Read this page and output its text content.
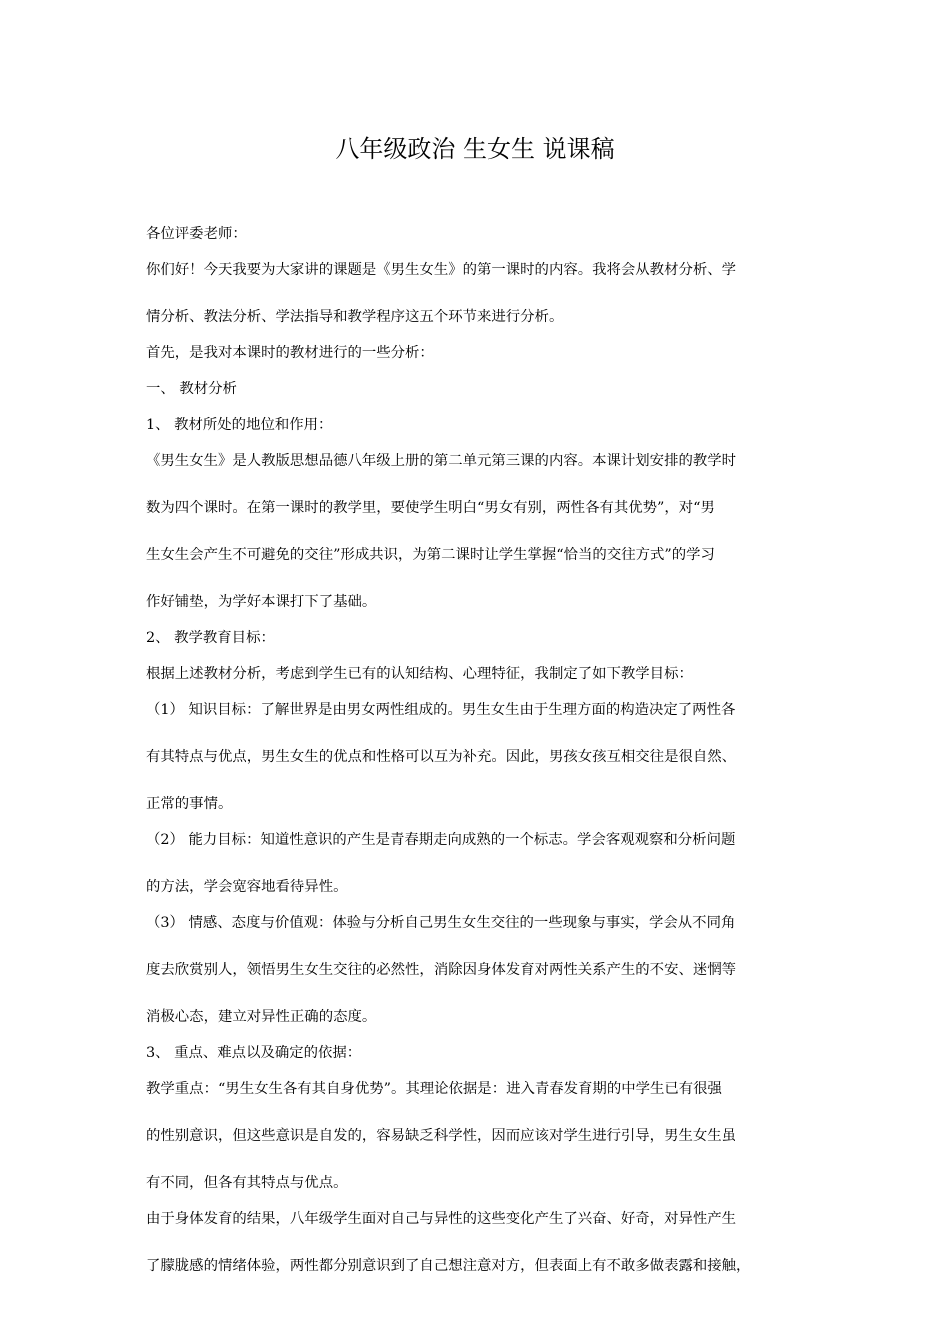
八年级政治 生女生 说课稿
各位评委老师：
你们好！今天我要为大家讲的课题是《男生女生》的第一课时的内容。我将会从教材分析、学
情分析、教法分析、学法指导和教学程序这五个环节来进行分析。
首先，是我对本课时的教材进行的一些分析：
一、 教材分析
1、 教材所处的地位和作用：
《男生女生》是人教版思想品德八年级上册的第二单元第三课的内容。本课计划安排的教学时
数为四个课时。在第一课时的教学里，要使学生明白“男女有别，两性各有其优势”，对“男
生女生会产生不可避免的交往”形成共识，为第二课时让学生掌握“恰当的交往方式”的学习
作好铺垫，为学好本课打下了基础。
2、 教学教育目标：
根据上述教材分析，考虑到学生已有的认知结构、心理特征，我制定了如下教学目标：
（1） 知识目标：了解世界是由男女两性组成的。男生女生由于生理方面的构造决定了两性各
有其特点与优点，男生女生的优点和性格可以互为补充。因此，男孩女孩互相交往是很自然、
正常的事情。
（2） 能力目标：知道性意识的产生是青春期走向成熟的一个标志。学会客观观察和分析问题
的方法，学会宽容地看待异性。
（3） 情感、态度与价值观：体验与分析自己男生女生交往的一些现象与事实，学会从不同角
度去欣赏别人，领悟男生女生交往的必然性，消除因身体发育对两性关系产生的不安、迷惘等
消极心态，建立对异性正确的态度。
3、 重点、难点以及确定的依据：
教学重点：“男生女生各有其自身优势”。其理论依据是：进入青春发育期的中学生已有很强
的性别意识，但这些意识是自发的，容易缺乏科学性，因而应该对学生进行引导，男生女生虽
有不同，但各有其特点与优点。
由于身体发育的结果，八年级学生面对自己与异性的这些变化产生了兴奋、好奇，对异性产生
了朦胧感的情绪体验，两性都分别意识到了自己想注意对方，但表面上有不敢多做表露和接触，
